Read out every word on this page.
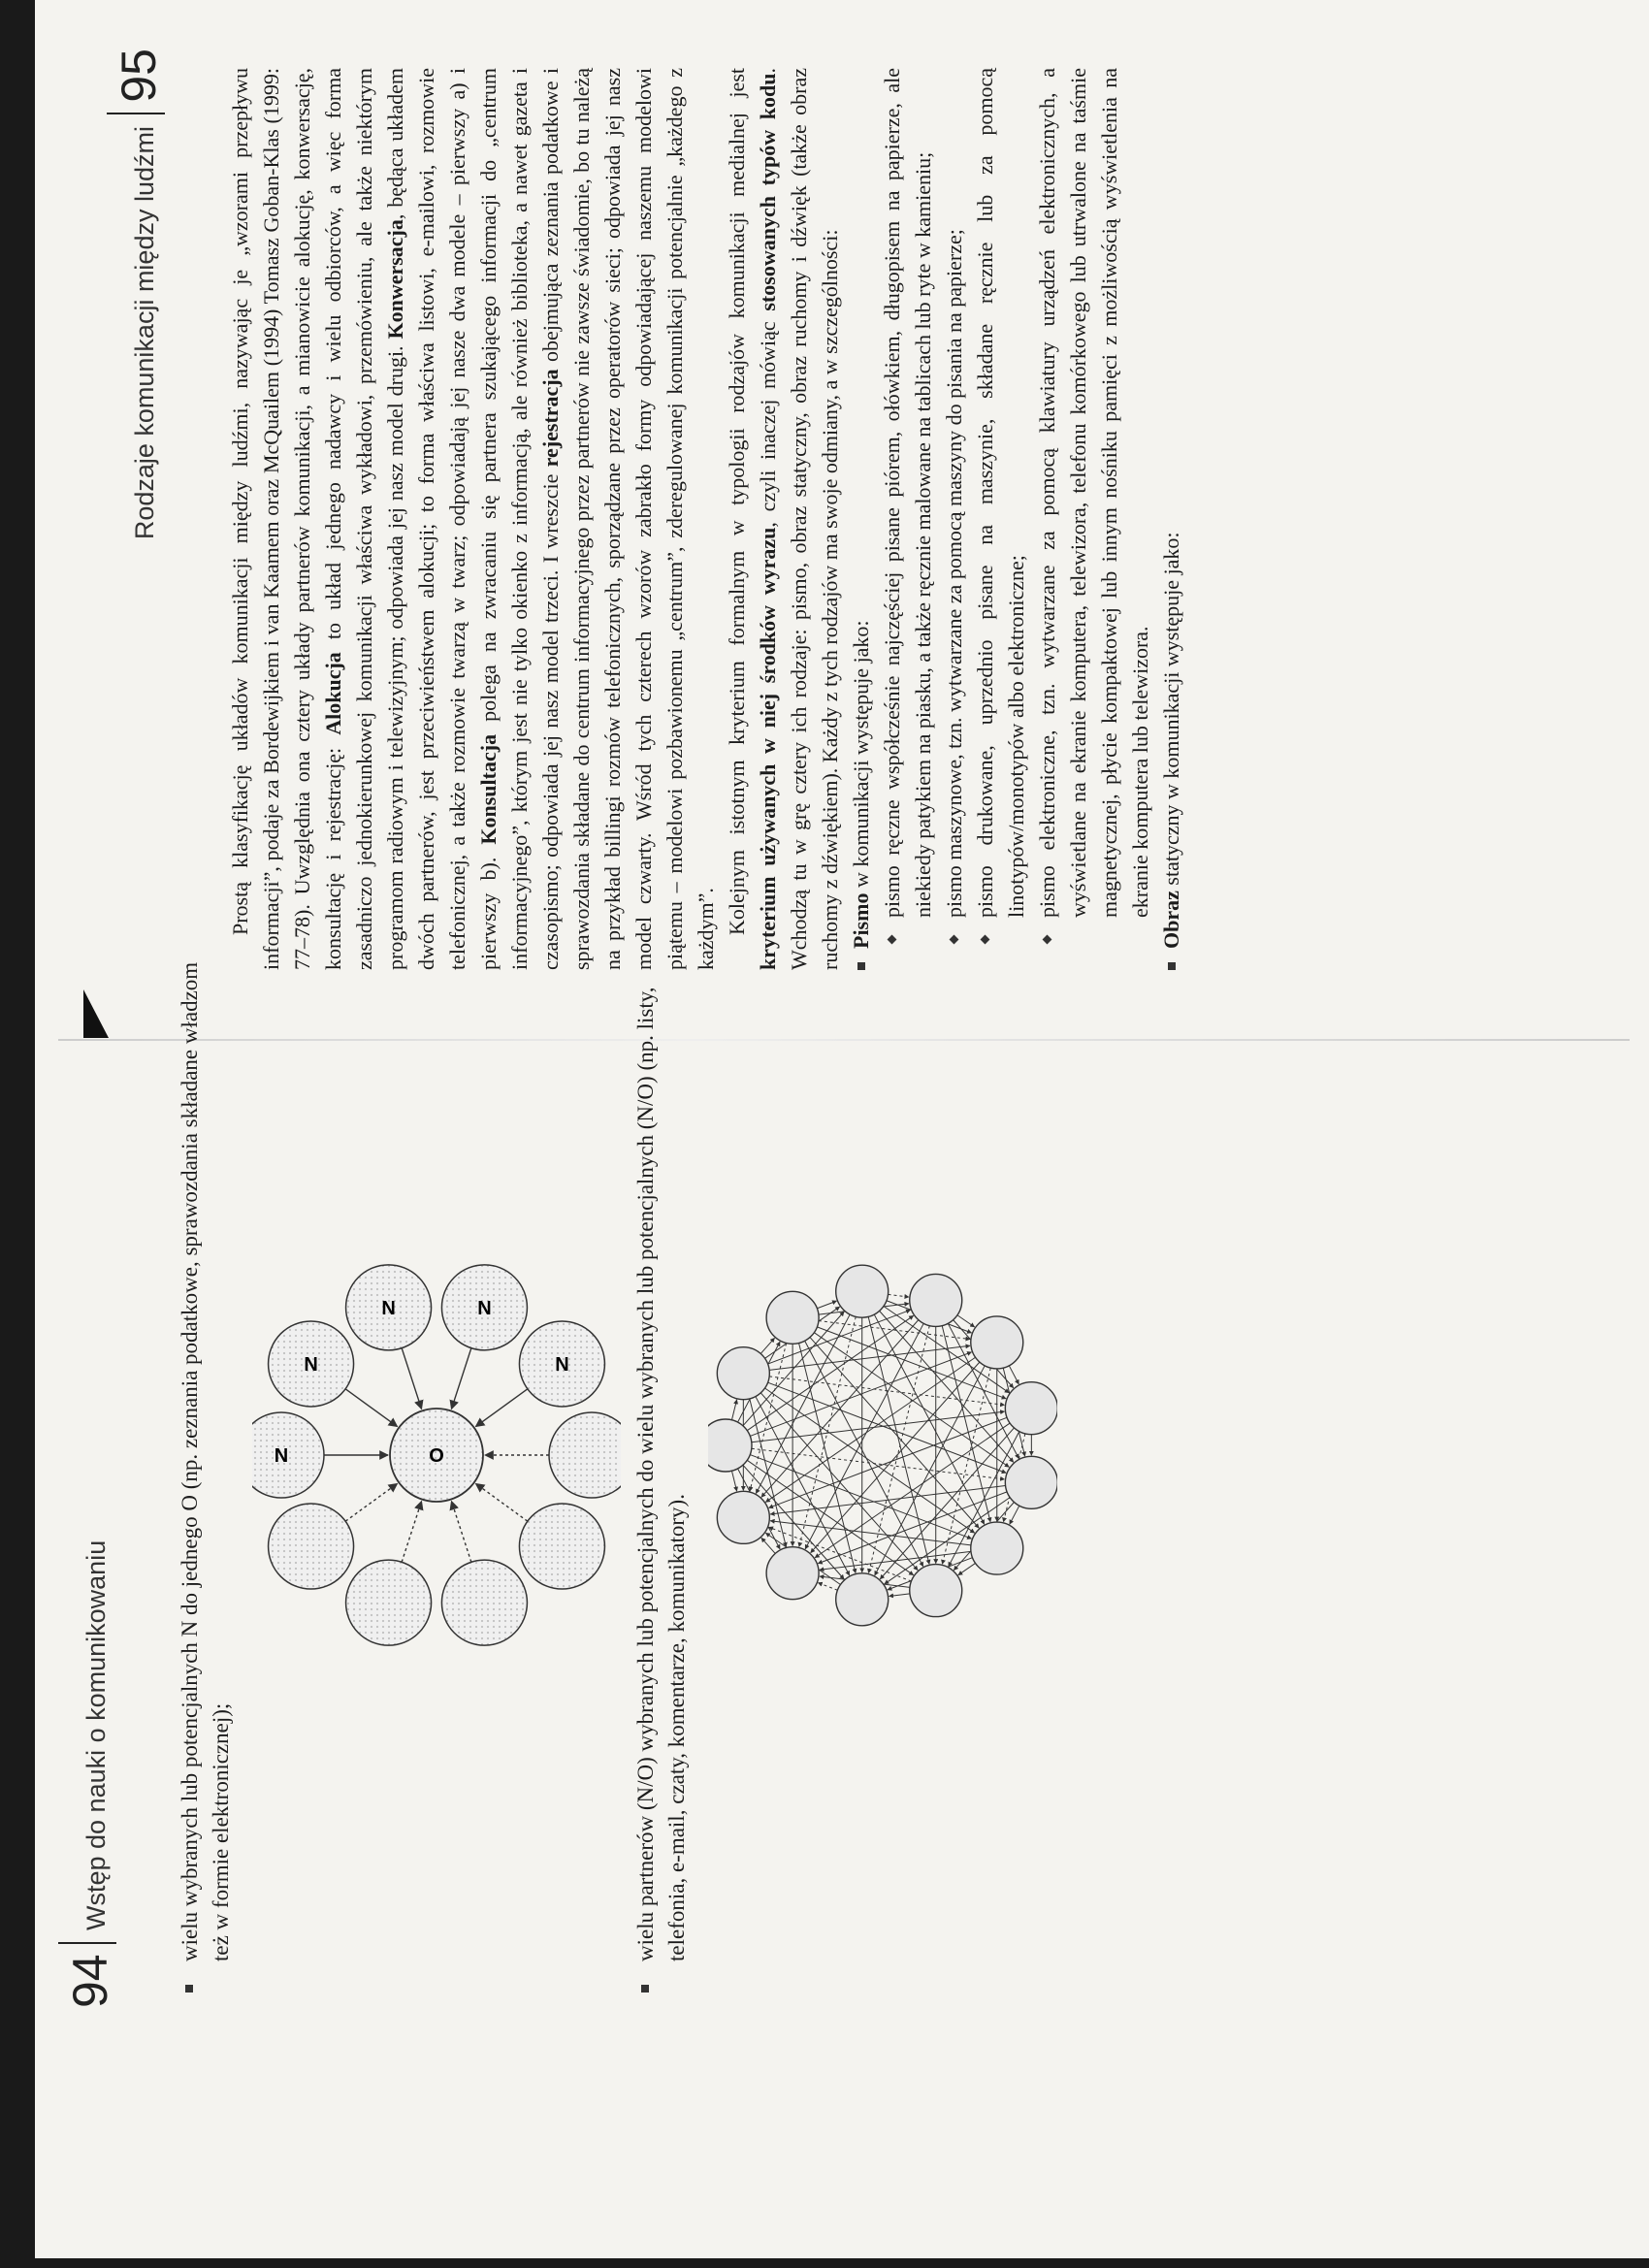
94
Wstęp do nauki o komunikowaniu	wielu wybranych lub potencjalnych N do jednego O (np. zeznania podatkowe, sprawozdania składane władzom też w formie elektronicznej);

N
N
N	N
N
O	wielu partnerów (N/O) wybranych lub potencjalnych do wielu wybranych lub potencjalnych (N/O) (np. listy, telefonia, e-mail, czaty, komentarze, komunikatory).

Rodzaje komunikacji między ludźmi
95	Prostą klasyfikację układów komunikacji między ludźmi, nazywając je „wzorami przepływu informacji”, podaje za Bordewijkiem i van Kaamem oraz McQuailem (1994) Tomasz Goban-Klas (1999: 77–78). Uwzględnia ona cztery układy partnerów komunikacji, a mianowicie alokucję, konwersację, konsultację i rejestrację: Alokucja to układ jednego nadawcy i wielu odbiorców, a więc forma zasadniczo jednokierunkowej komunikacji właściwa wykładowi, przemówieniu, ale także niektórym programom radiowym i telewizyjnym; odpowiada jej nasz model drugi. Konwersacja, będąca układem dwóch partnerów, jest przeciwieństwem alokucji; to forma właściwa listowi, e-mailowi, rozmowie telefonicznej, a także rozmowie twarzą w twarz; odpowiadają jej nasze dwa modele – pierwszy a) i pierwszy b). Konsultacja polega na zwracaniu się partnera szukającego informacji do „centrum informacyjnego”, którym jest nie tylko okienko z informacją, ale również biblioteka, a nawet gazeta i czasopismo; odpowiada jej nasz model trzeci. I wreszcie rejestracja obejmująca zeznania podatkowe i sprawozdania składane do centrum informacyjnego przez partnerów nie zawsze świadomie, bo tu należą na przykład billingi rozmów telefonicznych, sporządzane przez operatorów sieci; odpowiada jej nasz model czwarty. Wśród tych czterech wzorów zabrakło formy odpowiadającej naszemu modelowi piątemu – modelowi pozbawionemu „centrum”, zderegulowanej komunikacji potencjalnie „każdego z każdym”. Kolejnym istotnym kryterium formalnym w typologii rodzajów komunikacji medialnej jest kryterium używanych w niej środków wyrazu, czyli inaczej mówiąc stosowanych typów kodu. Wchodzą tu w grę cztery ich rodzaje: pismo, obraz statyczny, obraz ruchomy i dźwięk (także obraz ruchomy z dźwiękiem). Każdy z tych rodzajów ma swoje odmiany, a w szczególności: Pismo w komunikacji występuje jako: pismo ręczne współcześnie najczęściej pisane piórem, ołówkiem, długopisem na papierze, ale niekiedy patykiem na piasku, a także ręcznie malowane na tablicach lub ryte w kamieniu; pismo maszynowe, tzn. wytwarzane za pomocą maszyny do pisania na papierze; pismo drukowane, uprzednio pisane na maszynie, składane ręcznie lub za pomocą linotypów/monotypów albo elektroniczne; pismo elektroniczne, tzn. wytwarzane za pomocą klawiatury urządzeń elektronicznych, a wyświetlane na ekranie komputera, telewizora, telefonu komórkowego lub utrwalone na taśmie magnetycznej, płycie kompaktowej lub innym nośniku pamięci z możliwością wyświetlenia na ekranie komputera lub telewizora.
Obraz statyczny w komunikacji występuje jako:
